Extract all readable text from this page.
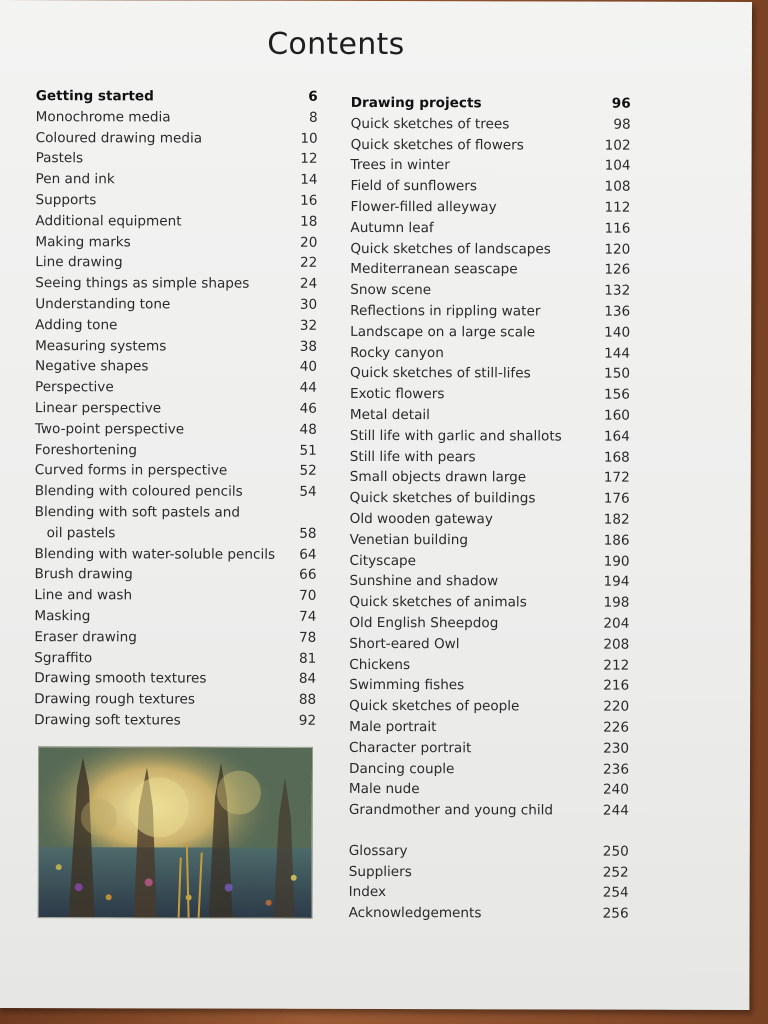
Contents
Getting started	6
Monochrome media	8
Coloured drawing media	10
Pastels	12
Pen and ink	14
Supports	16
Additional equipment	18
Making marks	20
Line drawing	22
Seeing things as simple shapes	24
Understanding tone	30
Adding tone	32
Measuring systems	38
Negative shapes	40
Perspective	44
Linear perspective	46
Two-point perspective	48
Foreshortening	51
Curved forms in perspective	52
Blending with coloured pencils	54
Blending with soft pastels and
oil pastels	58
Blending with water-soluble pencils	64
Brush drawing	66
Line and wash	70
Masking	74
Eraser drawing	78
Sgraffito	81
Drawing smooth textures	84
Drawing rough textures	88
Drawing soft textures	92
Drawing projects	96
Quick sketches of trees	98
Quick sketches of flowers	102
Trees in winter	104
Field of sunflowers	108
Flower-filled alleyway	112
Autumn leaf	116
Quick sketches of landscapes	120
Mediterranean seascape	126
Snow scene	132
Reflections in rippling water	136
Landscape on a large scale	140
Rocky canyon	144
Quick sketches of still-lifes	150
Exotic flowers	156
Metal detail	160
Still life with garlic and shallots	164
Still life with pears	168
Small objects drawn large	172
Quick sketches of buildings	176
Old wooden gateway	182
Venetian building	186
Cityscape	190
Sunshine and shadow	194
Quick sketches of animals	198
Old English Sheepdog	204
Short-eared Owl	208
Chickens	212
Swimming fishes	216
Quick sketches of people	220
Male portrait	226
Character portrait	230
Dancing couple	236
Male nude	240
Grandmother and young child	244
Glossary	250
Suppliers	252
Index	254
Acknowledgements	256
